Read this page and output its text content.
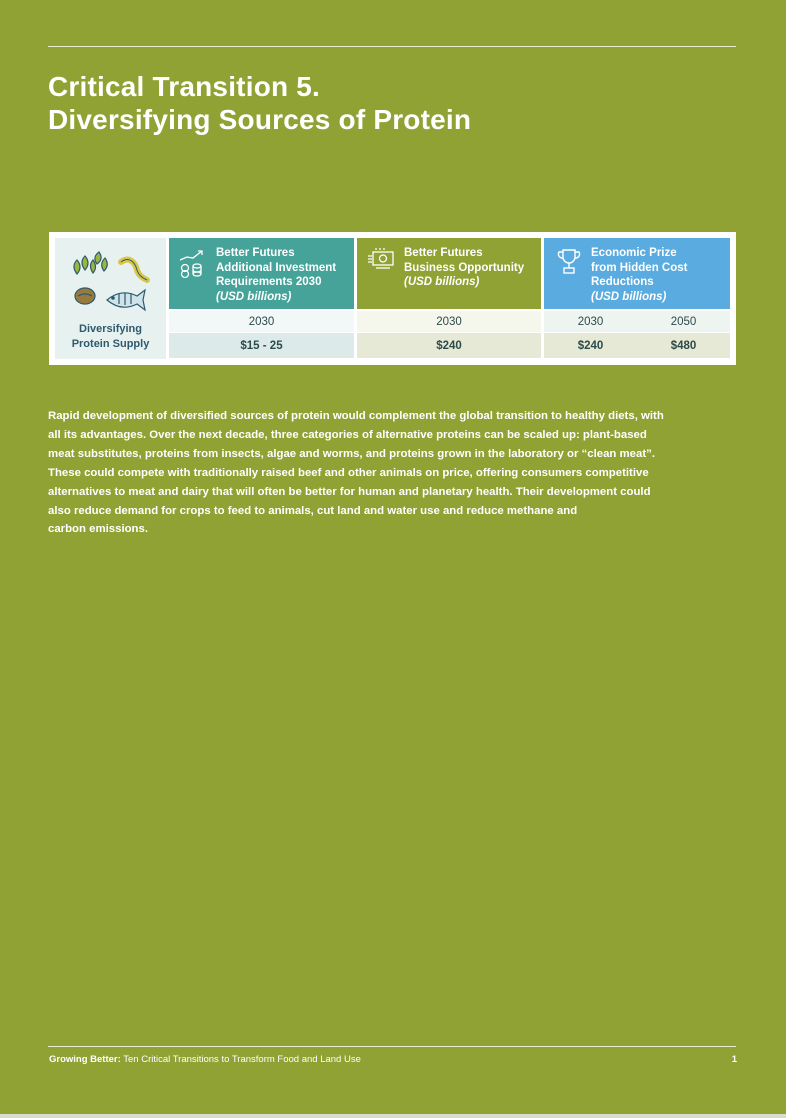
Critical Transition 5.
Diversifying Sources of Protein
Diversifying
Protein Supply
Better Futures
Additional Investment
Requirements 2030
(USD billions)
Better Futures
Business Opportunity
(USD billions)
Economic Prize
from Hidden Cost
Reductions
(USD billions)
2030	2030	2030	2050
$15 - 25	$240	$240	$480
Rapid development of diversified sources of protein would complement the global transition to healthy diets, with
all its advantages. Over the next decade, three categories of alternative proteins can be scaled up: plant-based
meat substitutes, proteins from insects, algae and worms, and proteins grown in the laboratory or “clean meat”.
These could compete with traditionally raised beef and other animals on price, offering consumers competitive
alternatives to meat and dairy that will often be better for human and planetary health. Their development could
also reduce demand for crops to feed to animals, cut land and water use and reduce methane and
carbon emissions.
Growing Better: Ten Critical Transitions to Transform Food and Land Use	1
